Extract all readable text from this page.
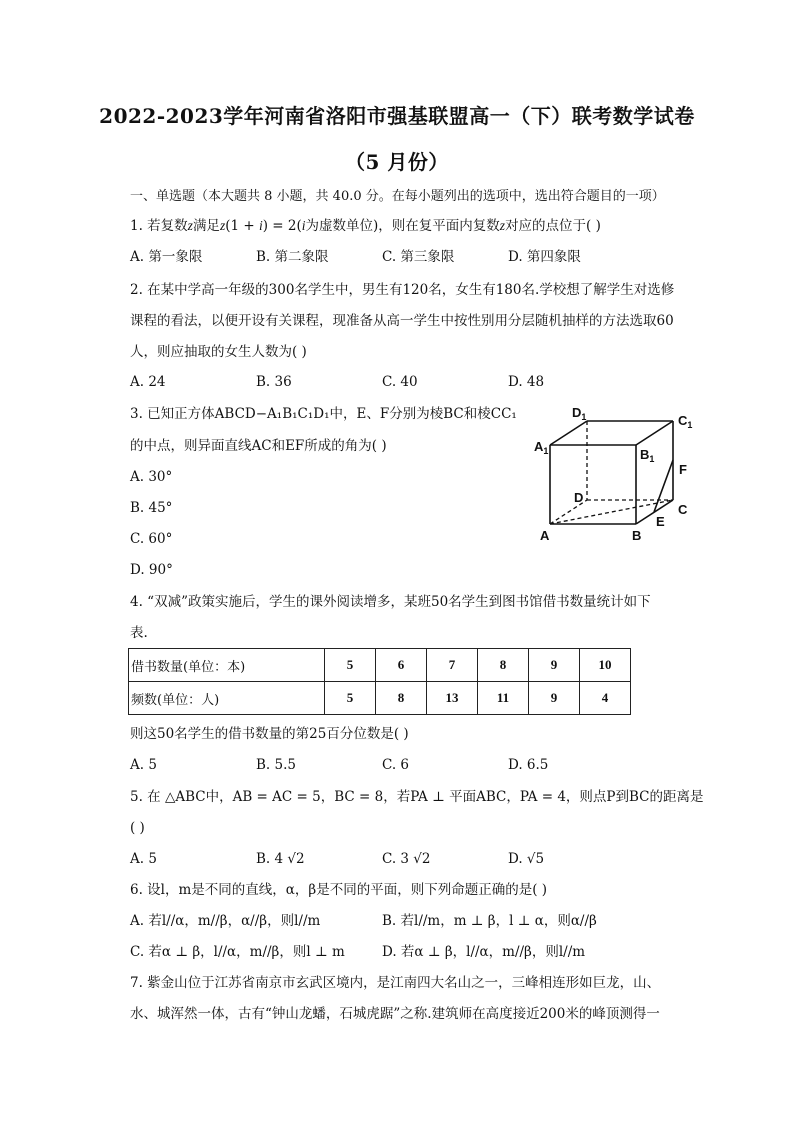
2022-2023学年河南省洛阳市强基联盟高一（下）联考数学试卷
（5 月份）
一、单选题（本大题共 8 小题，共 40.0 分。在每小题列出的选项中，选出符合题目的一项）
1. 若复数z满足z(1 + i) = 2(i为虚数单位)，则在复平面内复数z对应的点位于( )
A. 第一象限	B. 第二象限	C. 第三象限	D. 第四象限
2. 在某中学高一年级的300名学生中，男生有120名，女生有180名.学校想了解学生对选修
课程的看法，以便开设有关课程，现准备从高一学生中按性别用分层随机抽样的方法选取60
人，则应抽取的女生人数为( )
A. 24	B. 36	C. 40	D. 48
3. 已知正方体ABCD−A₁B₁C₁D₁中，E、F分别为棱BC和棱CC₁
的中点，则异面直线AC和EF所成的角为( )
A. 30°
B. 45°
C. 60°
D. 90°
$D_1$	$C_1$
$A_1$	$B_1$
F
D
C
E
A	B
4. “双减”政策实施后，学生的课外阅读增多，某班50名学生到图书馆借书数量统计如下
表.
借书数量(单位：本)	5	6	7	8	9	10
频数(单位：人)	5	8	13	11	9	4
则这50名学生的借书数量的第25百分位数是( )
A. 5	B. 5.5	C. 6	D. 6.5
5. 在 △ABC中，AB = AC = 5，BC = 8，若PA ⊥ 平面ABC，PA = 4，则点P到BC的距离是
( )
A. 5	B. 4 √2	C. 3 √2	D. √5
6. 设l，m是不同的直线，α，β是不同的平面，则下列命题正确的是( )
A. 若l//α，m//β，α//β，则l//m	B. 若l//m，m ⊥ β，l ⊥ α，则α//β
C. 若α ⊥ β，l//α，m//β，则l ⊥ m	D. 若α ⊥ β，l//α，m//β，则l//m
7. 紫金山位于江苏省南京市玄武区境内，是江南四大名山之一，三峰相连形如巨龙，山、
水、城浑然一体，古有“钟山龙蟠，石城虎踞”之称.建筑师在高度接近200米的峰顶测得一
